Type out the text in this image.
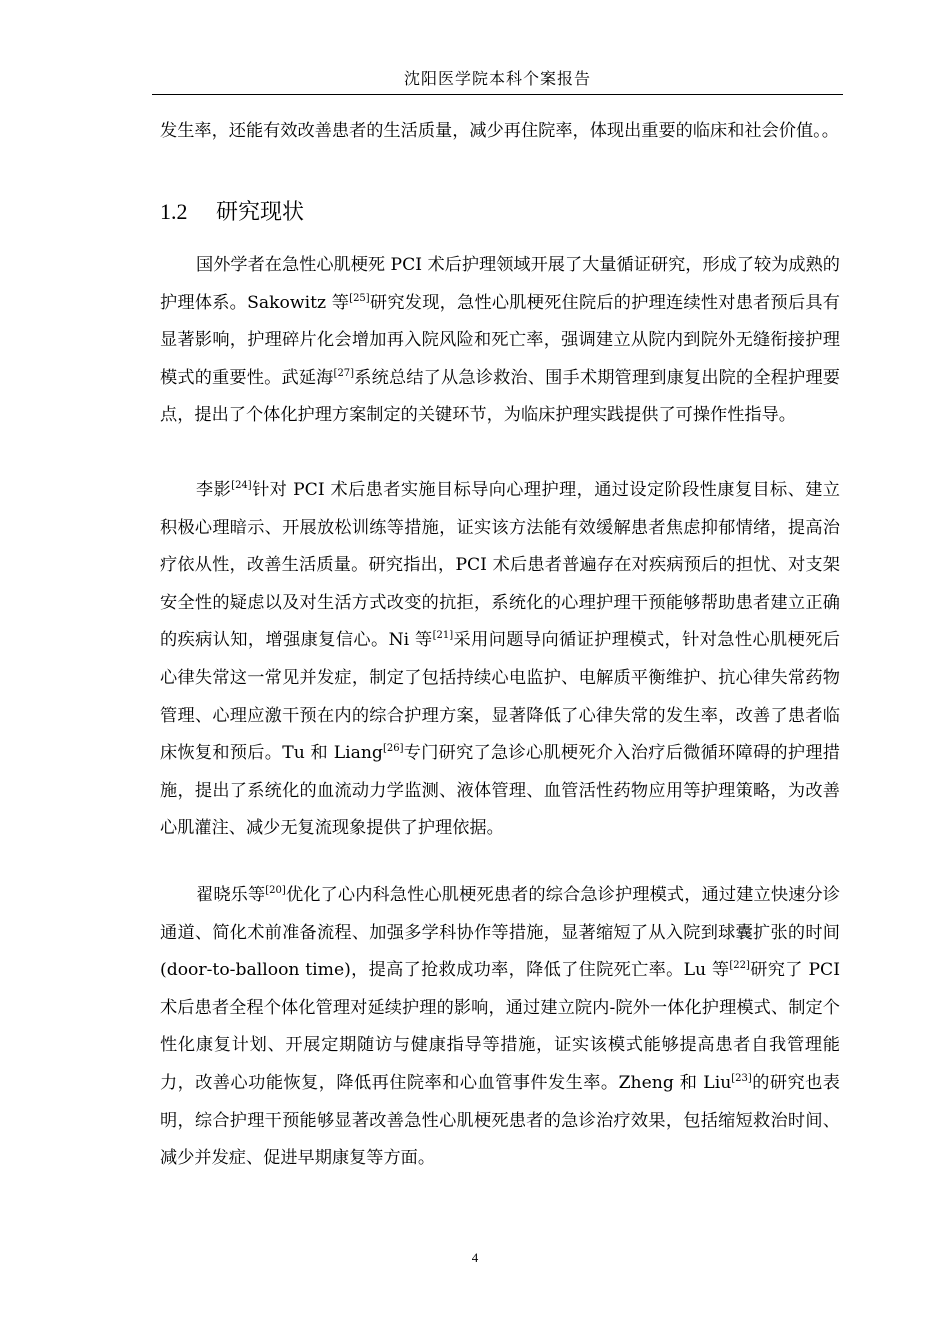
沈阳医学院本科个案报告

发生率，还能有效改善患者的生活质量，减少再住院率，体现出重要的临床和社会价值。。

1.2 研究现状

国外学者在急性心肌梗死 PCI 术后护理领域开展了大量循证研究，形成了较为成熟的护理体系。Sakowitz 等[25]研究发现，急性心肌梗死住院后的护理连续性对患者预后具有显著影响，护理碎片化会增加再入院风险和死亡率，强调建立从院内到院外无缝衔接护理模式的重要性。武延海[27]系统总结了从急诊救治、围手术期管理到康复出院的全程护理要点，提出了个体化护理方案制定的关键环节，为临床护理实践提供了可操作性指导。

李影[24]针对 PCI 术后患者实施目标导向心理护理，通过设定阶段性康复目标、建立积极心理暗示、开展放松训练等措施，证实该方法能有效缓解患者焦虑抑郁情绪，提高治疗依从性，改善生活质量。研究指出，PCI 术后患者普遍存在对疾病预后的担忧、对支架安全性的疑虑以及对生活方式改变的抗拒，系统化的心理护理干预能够帮助患者建立正确的疾病认知，增强康复信心。Ni 等[21]采用问题导向循证护理模式，针对急性心肌梗死后心律失常这一常见并发症，制定了包括持续心电监护、电解质平衡维护、抗心律失常药物管理、心理应激干预在内的综合护理方案，显著降低了心律失常的发生率，改善了患者临床恢复和预后。Tu 和 Liang[26]专门研究了急诊心肌梗死介入治疗后微循环障碍的护理措施，提出了系统化的血流动力学监测、液体管理、血管活性药物应用等护理策略，为改善心肌灌注、减少无复流现象提供了护理依据。

翟晓乐等[20]优化了心内科急性心肌梗死患者的综合急诊护理模式，通过建立快速分诊通道、简化术前准备流程、加强多学科协作等措施，显著缩短了从入院到球囊扩张的时间(door-to-balloon time)，提高了抢救成功率，降低了住院死亡率。Lu 等[22]研究了 PCI 术后患者全程个体化管理对延续护理的影响，通过建立院内-院外一体化护理模式、制定个性化康复计划、开展定期随访与健康指导等措施，证实该模式能够提高患者自我管理能力，改善心功能恢复，降低再住院率和心血管事件发生率。Zheng 和 Liu[23]的研究也表明，综合护理干预能够显著改善急性心肌梗死患者的急诊治疗效果，包括缩短救治时间、减少并发症、促进早期康复等方面。

4
